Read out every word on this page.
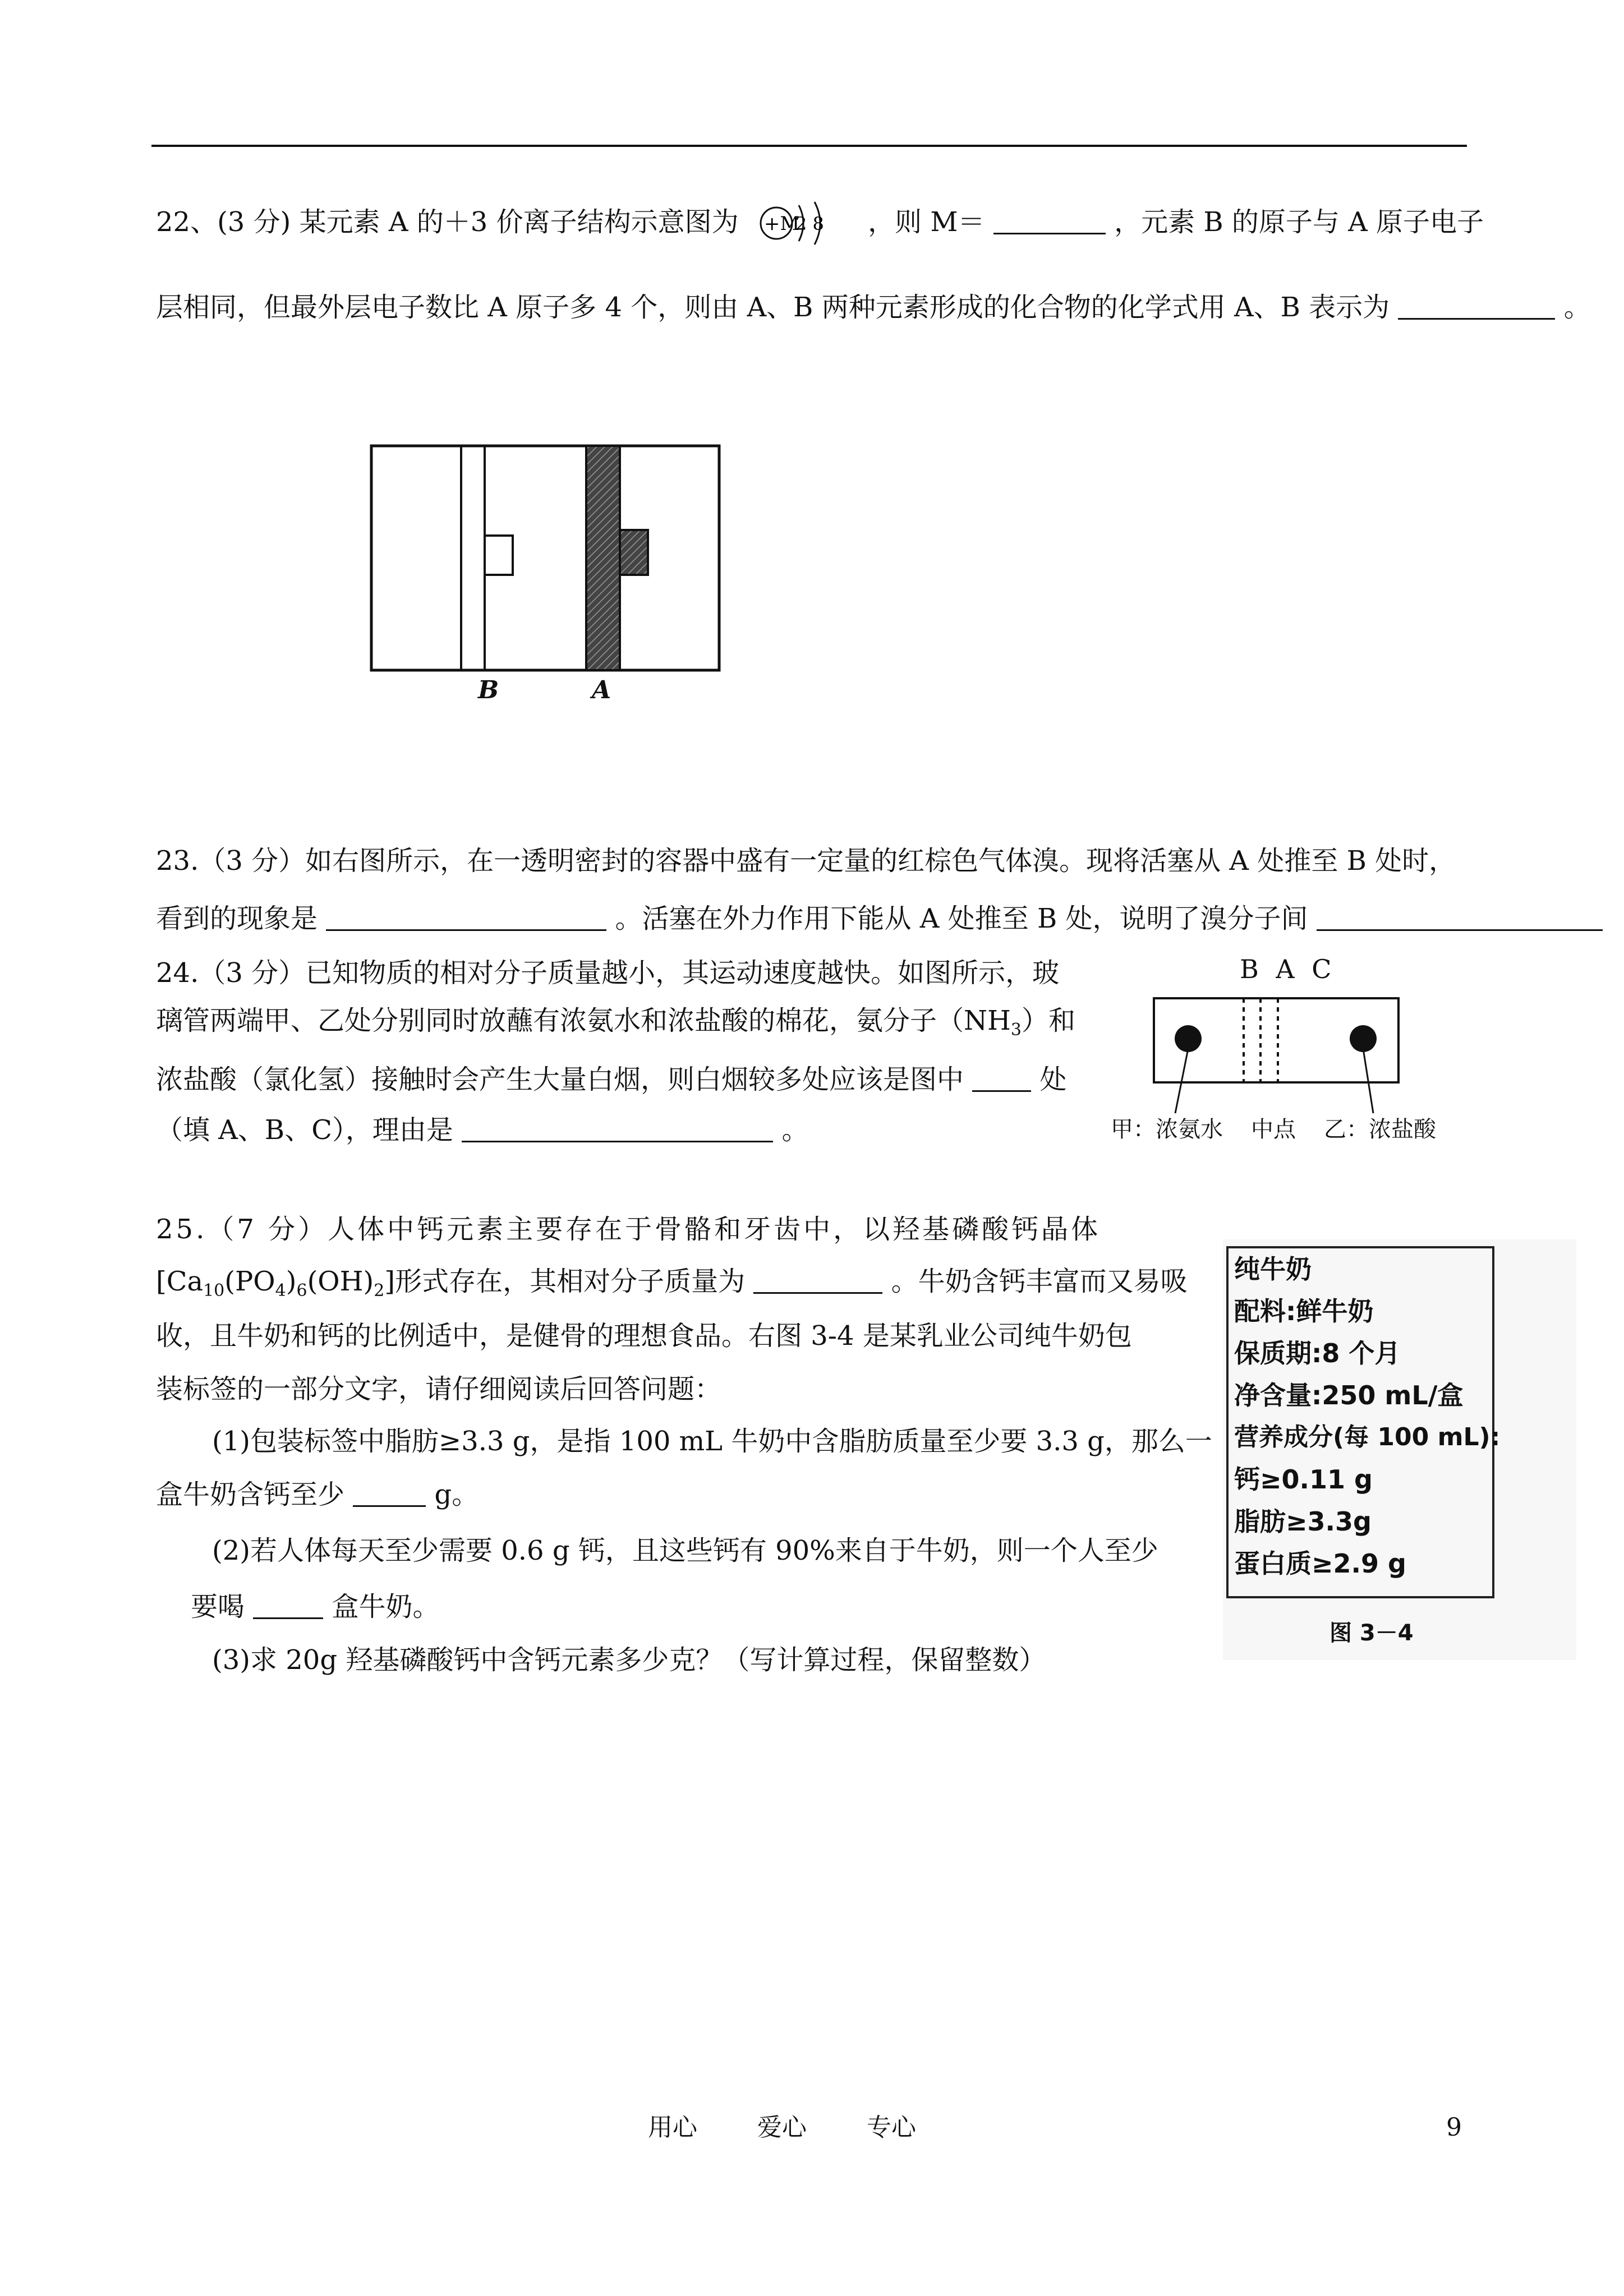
22、(3 分) 某元素 A 的＋3 价离子结构示意图为 +M
2 8 ，则 M＝	，元素 B 的原子与 A 原子电子
层相同，但最外层电子数比 A 原子多 4 个，则由 A、B 两种元素形成的化合物的化学式用 A、B 表示为	。
B	A
23.（3 分）如右图所示，在一透明密封的容器中盛有一定量的红棕色气体溴。现将活塞从 A 处推至 B 处时，
看到的现象是	。活塞在外力作用下能从 A 处推至 B 处，说明了溴分子间
24.（3 分）已知物质的相对分子质量越小，其运动速度越快。如图所示，玻
璃管两端甲、乙处分别同时放蘸有浓氨水和浓盐酸的棉花，氨分子$(NH_3)$和
浓盐酸（氯化氢）接触时会产生大量白烟，则白烟较多处应该是图中	处
（填 A、B、C），理由是	。
B A C
甲：浓氨水 中点 乙：浓盐酸
25.（7 分）人体中钙元素主要存在于骨骼和牙齿中，以羟基磷酸钙晶体
$[Ca_{10}(PO_4)_6(OH)_2]$形式存在，其相对分子质量为	。牛奶含钙丰富而又易吸
收，且牛奶和钙的比例适中，是健骨的理想食品。右图 3-4 是某乳业公司纯牛奶包
装标签的一部分文字，请仔细阅读后回答问题：
(1)包装标签中脂肪≥3.3 g，是指 100 mL 牛奶中含脂肪质量至少要 3.3 g，那么一
盒牛奶含钙至少	g。
(2)若人体每天至少需要 0.6 g 钙，且这些钙有 90%来自于牛奶，则一个人至少
要喝	盒牛奶。
(3)求 20g 羟基磷酸钙中含钙元素多少克？（写计算过程，保留整数）
纯牛奶
配料:鲜牛奶
保质期:8 个月
净含量:250 mL/盒
营养成分(每 100 mL):
钙≥0.11 g
脂肪≥3.3g
蛋白质≥2.9 g
图 3－4
用心 爱心 专心	9
